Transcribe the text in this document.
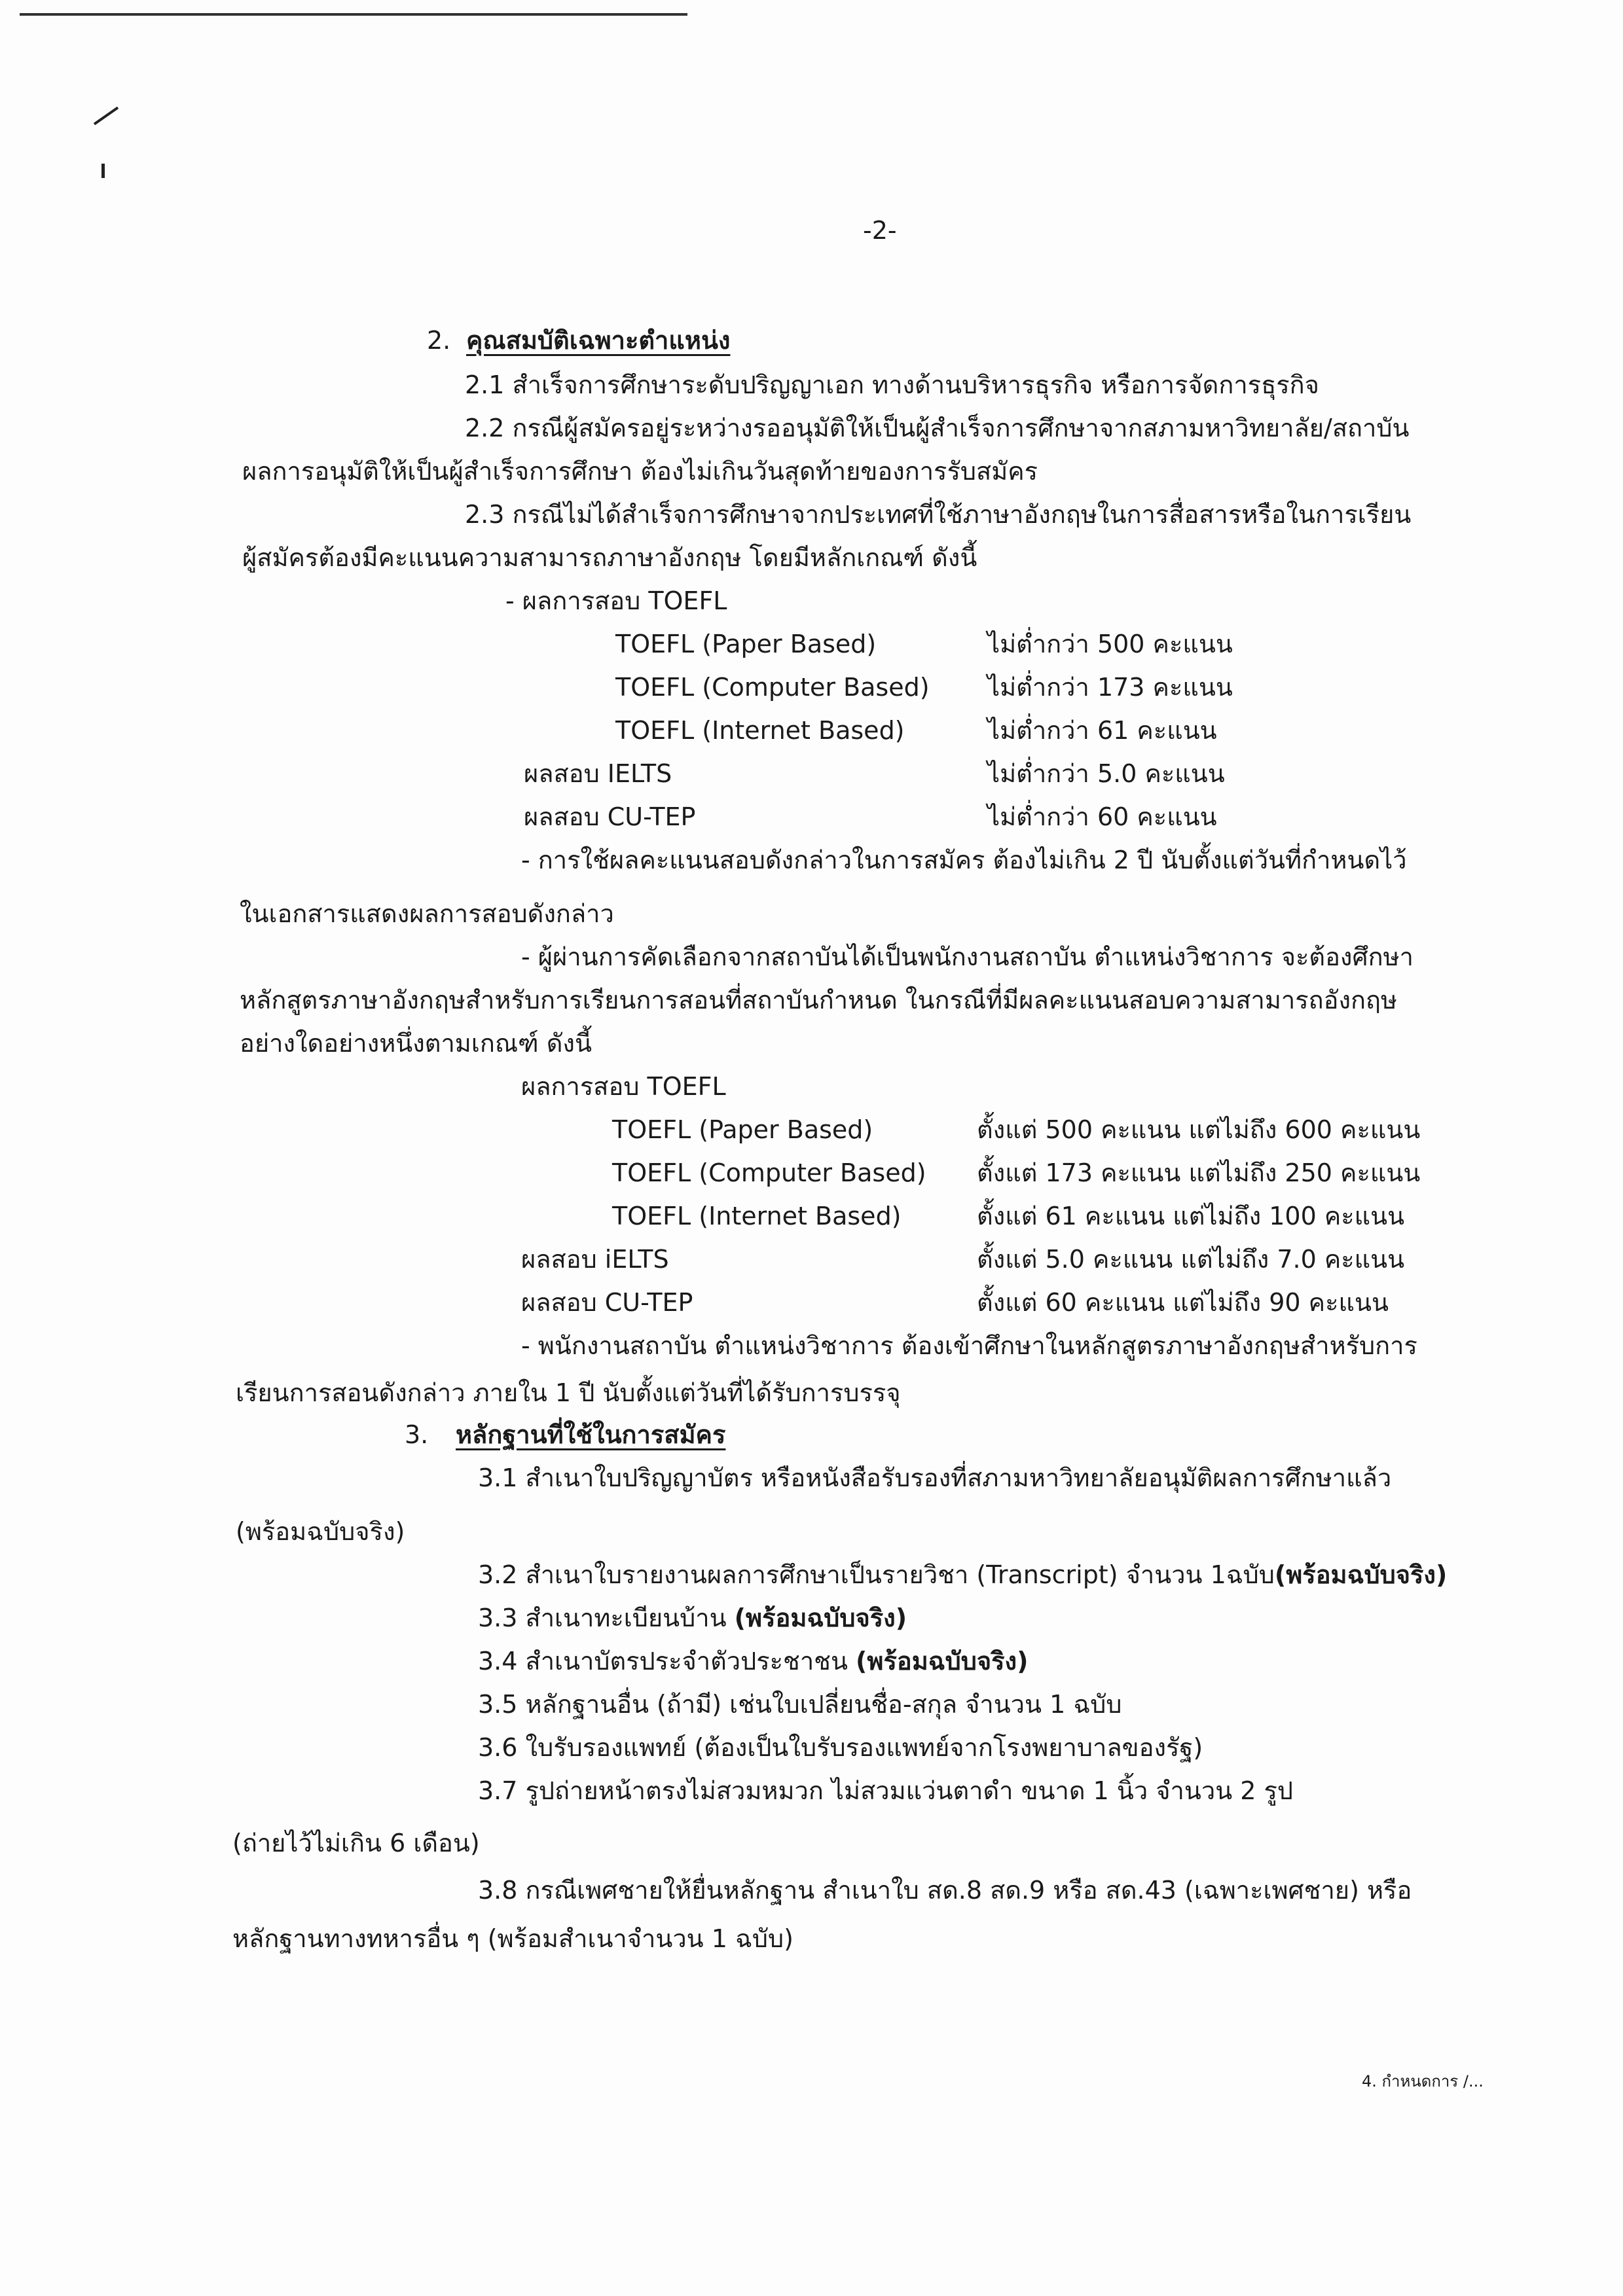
-2-
2. คุณสมบัติเฉพาะตำแหน่ง
2.1 สำเร็จการศึกษาระดับปริญญาเอก ทางด้านบริหารธุรกิจ หรือการจัดการธุรกิจ
2.2 กรณีผู้สมัครอยู่ระหว่างรออนุมัติให้เป็นผู้สำเร็จการศึกษาจากสภามหาวิทยาลัย/สถาบัน
ผลการอนุมัติให้เป็นผู้สำเร็จการศึกษา ต้องไม่เกินวันสุดท้ายของการรับสมัคร
2.3 กรณีไม่ได้สำเร็จการศึกษาจากประเทศที่ใช้ภาษาอังกฤษในการสื่อสารหรือในการเรียน
ผู้สมัครต้องมีคะแนนความสามารถภาษาอังกฤษ โดยมีหลักเกณฑ์ ดังนี้
- ผลการสอบ TOEFL
TOEFL (Paper Based)	ไม่ต่ำกว่า 500 คะแนน
TOEFL (Computer Based) ไม่ต่ำกว่า 173 คะแนน
TOEFL (Internet Based)	ไม่ต่ำกว่า 61 คะแนน
ผลสอบ IELTS	ไม่ต่ำกว่า 5.0 คะแนน
ผลสอบ CU-TEP	ไม่ต่ำกว่า 60 คะแนน
- การใช้ผลคะแนนสอบดังกล่าวในการสมัคร ต้องไม่เกิน 2 ปี นับตั้งแต่วันที่กำหนดไว้
ในเอกสารแสดงผลการสอบดังกล่าว
- ผู้ผ่านการคัดเลือกจากสถาบันได้เป็นพนักงานสถาบัน ตำแหน่งวิชาการ จะต้องศึกษา
หลักสูตรภาษาอังกฤษสำหรับการเรียนการสอนที่สถาบันกำหนด ในกรณีที่มีผลคะแนนสอบความสามารถอังกฤษ
อย่างใดอย่างหนึ่งตามเกณฑ์ ดังนี้
ผลการสอบ TOEFL
TOEFL (Paper Based)	ตั้งแต่ 500 คะแนน แต่ไม่ถึง 600 คะแนน
TOEFL (Computer Based) ตั้งแต่ 173 คะแนน แต่ไม่ถึง 250 คะแนน
TOEFL (Internet Based)	ตั้งแต่ 61 คะแนน แต่ไม่ถึง 100 คะแนน
ผลสอบ iELTS	ตั้งแต่ 5.0 คะแนน แต่ไม่ถึง 7.0 คะแนน
ผลสอบ CU-TEP	ตั้งแต่ 60 คะแนน แต่ไม่ถึง 90 คะแนน
- พนักงานสถาบัน ตำแหน่งวิชาการ ต้องเข้าศึกษาในหลักสูตรภาษาอังกฤษสำหรับการ
เรียนการสอนดังกล่าว ภายใน 1 ปี นับตั้งแต่วันที่ได้รับการบรรจุ
3. หลักฐานที่ใช้ในการสมัคร
3.1 สำเนาใบปริญญาบัตร หรือหนังสือรับรองที่สภามหาวิทยาลัยอนุมัติผลการศึกษาแล้ว
(พร้อมฉบับจริง)
3.2 สำเนาใบรายงานผลการศึกษาเป็นรายวิชา (Transcript) จำนวน 1ฉบับ(พร้อมฉบับจริง)
3.3 สำเนาทะเบียนบ้าน (พร้อมฉบับจริง)
3.4 สำเนาบัตรประจำตัวประชาชน (พร้อมฉบับจริง)
3.5 หลักฐานอื่น (ถ้ามี) เช่นใบเปลี่ยนชื่อ-สกุล จำนวน 1 ฉบับ
3.6 ใบรับรองแพทย์ (ต้องเป็นใบรับรองแพทย์จากโรงพยาบาลของรัฐ)
3.7 รูปถ่ายหน้าตรงไม่สวมหมวก ไม่สวมแว่นตาดำ ขนาด 1 นิ้ว จำนวน 2 รูป
(ถ่ายไว้ไม่เกิน 6 เดือน)
3.8 กรณีเพศชายให้ยื่นหลักฐาน สำเนาใบ สด.8 สด.9 หรือ สด.43 (เฉพาะเพศชาย) หรือ
หลักฐานทางทหารอื่น ๆ (พร้อมสำเนาจำนวน 1 ฉบับ)
4. กำหนดการ /...
